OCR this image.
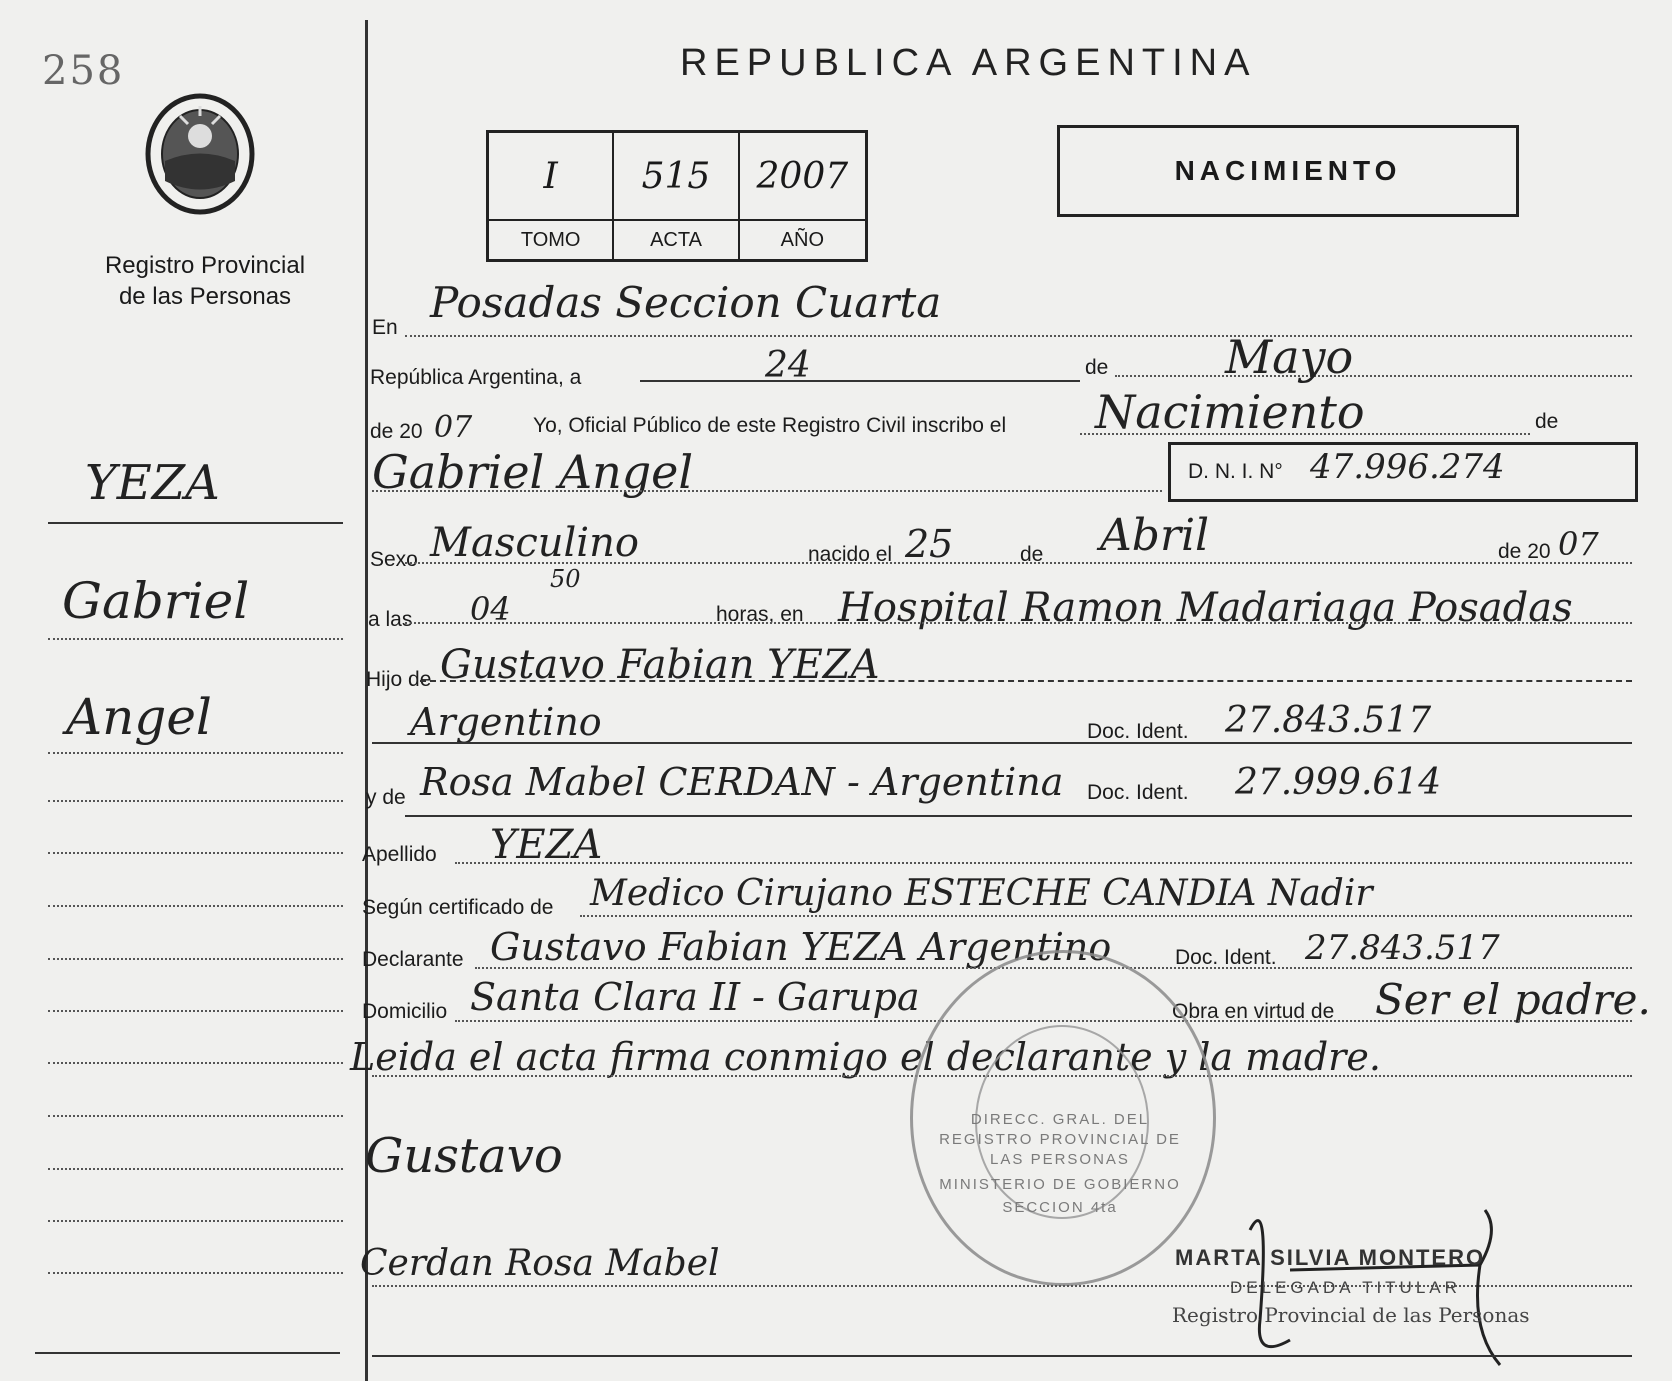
258
Registro Provincial
de las Personas
YEZA
Gabriel
Angel
REPUBLICA ARGENTINA
I	515	2007
TOMO	ACTA	AÑO
NACIMIENTO
En
Posadas Seccion Cuarta
República Argentina, a	24	de	Mayo
de 20 07	Yo, Oficial Público de este Registro Civil inscribo el Nacimiento	de
Gabriel Angel	D. N. I. N° 47.996.274
Sexo Masculino	nacido el 25	de Abril	de 20 07
a las 04
50
horas, en Hospital Ramon Madariaga Posadas
Hijo de Gustavo Fabian YEZA
Argentino	Doc. Ident. 27.843.517
y de Rosa Mabel CERDAN - Argentina Doc. Ident. 27.999.614
Apellido YEZA
Según certificado de Medico Cirujano ESTECHE CANDIA Nadir
Declarante Gustavo Fabian YEZA Argentino	Doc. Ident. 27.843.517
Domicilio Santa Clara II - Garupa	Obra en virtud de Ser el padre.
Leida el acta firma conmigo el declarante y la madre.
DIRECC. GRAL. DEL REGISTRO PROVINCIAL DE LAS PERSONAS
MINISTERIO DE GOBIERNO
SECCION 4ta
Gustavo
Cerdan Rosa Mabel	MARTA SILVIA MONTERO
DELEGADA TITULAR
Registro Provincial de las Personas
